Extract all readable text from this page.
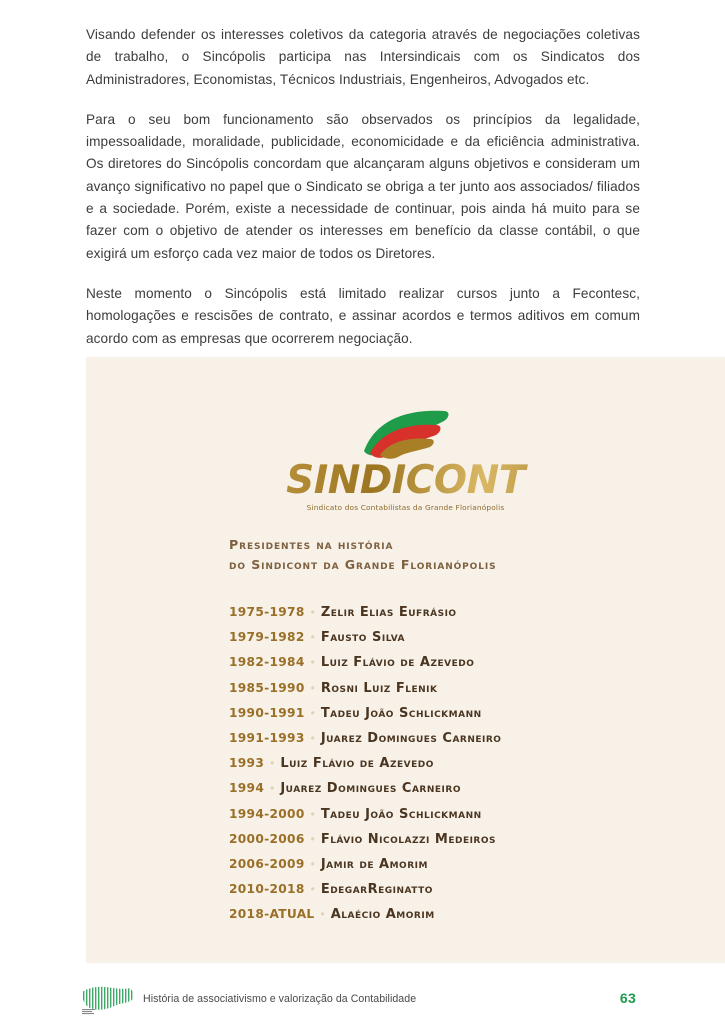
Visando defender os interesses coletivos da categoria através de negociações coletivas de trabalho, o Sincópolis participa nas Intersindicais com os Sindicatos dos Administradores, Economistas, Técnicos Industriais, Engenheiros, Advogados etc.

Para o seu bom funcionamento são observados os princípios da legalidade, impessoalidade, moralidade, publicidade, economicidade e da eficiência administrativa. Os diretores do Sincópolis concordam que alcançaram alguns objetivos e consideram um avanço significativo no papel que o Sindicato se obriga a ter junto aos associados/ filiados e a sociedade. Porém, existe a necessidade de continuar, pois ainda há muito para se fazer com o objetivo de atender os interesses em benefício da classe contábil, o que exigirá um esforço cada vez maior de todos os Diretores.

Neste momento o Sincópolis está limitado realizar cursos junto a Fecontesc, homologações e rescisões de contrato, e assinar acordos e termos aditivos em comum acordo com as empresas que ocorrerem negociação.

SINDICONT
Sindicato dos Contabilistas da Grande Florianópolis
Presidentes na história
do Sindicont da Grande Florianópolis
1975-1978 • Zelir Elias Eufrásio
1979-1982 • Fausto Silva
1982-1984 • Luiz Flávio de Azevedo
1985-1990 • Rosni Luiz Flenik
1990-1991 • Tadeu João Schlickmann
1991-1993 • Juarez Domingues Carneiro
1993 • Luiz Flávio de Azevedo
1994 • Juarez Domingues Carneiro
1994-2000 • Tadeu João Schlickmann
2000-2006 • Flávio Nicolazzi Medeiros
2006-2009 • Jamir de Amorim
2010-2018 • EdegarReginatto
2018-ATUAL • Alaécio Amorim
História de associativismo e valorização da Contabilidade	63
